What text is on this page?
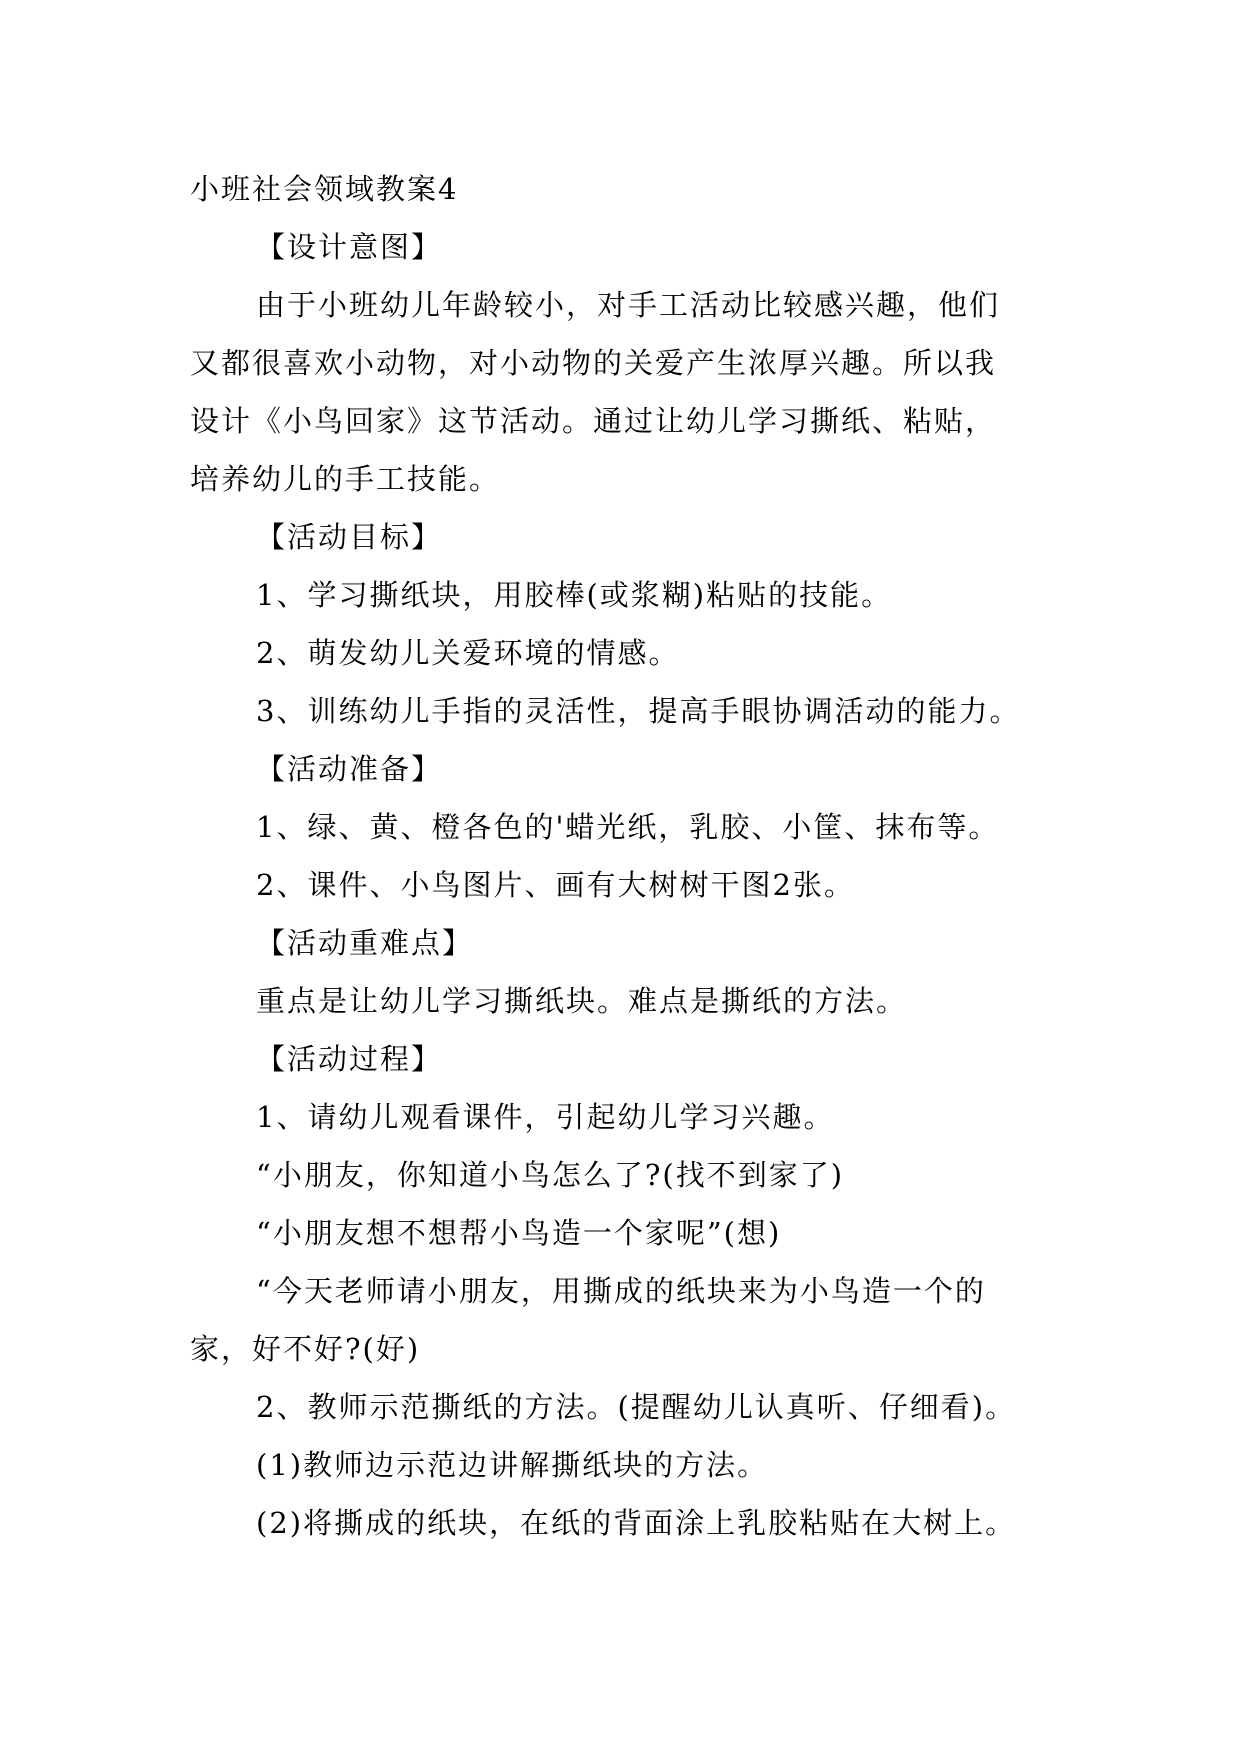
小班社会领域教案4
【设计意图】
由于小班幼儿年龄较小，对手工活动比较感兴趣，他们
又都很喜欢小动物，对小动物的关爱产生浓厚兴趣。所以我
设计《小鸟回家》这节活动。通过让幼儿学习撕纸、粘贴，
培养幼儿的手工技能。
【活动目标】
1、学习撕纸块，用胶棒(或浆糊)粘贴的技能。
2、萌发幼儿关爱环境的情感。
3、训练幼儿手指的灵活性，提高手眼协调活动的能力。
【活动准备】
1、绿、黄、橙各色的'蜡光纸，乳胶、小筐、抹布等。
2、课件、小鸟图片、画有大树树干图2张。
【活动重难点】
重点是让幼儿学习撕纸块。难点是撕纸的方法。
【活动过程】
1、请幼儿观看课件，引起幼儿学习兴趣。
“小朋友，你知道小鸟怎么了?(找不到家了)
“小朋友想不想帮小鸟造一个家呢”(想)
“今天老师请小朋友，用撕成的纸块来为小鸟造一个的
家，好不好?(好)
2、教师示范撕纸的方法。(提醒幼儿认真听、仔细看)。
(1)教师边示范边讲解撕纸块的方法。
(2)将撕成的纸块，在纸的背面涂上乳胶粘贴在大树上。
